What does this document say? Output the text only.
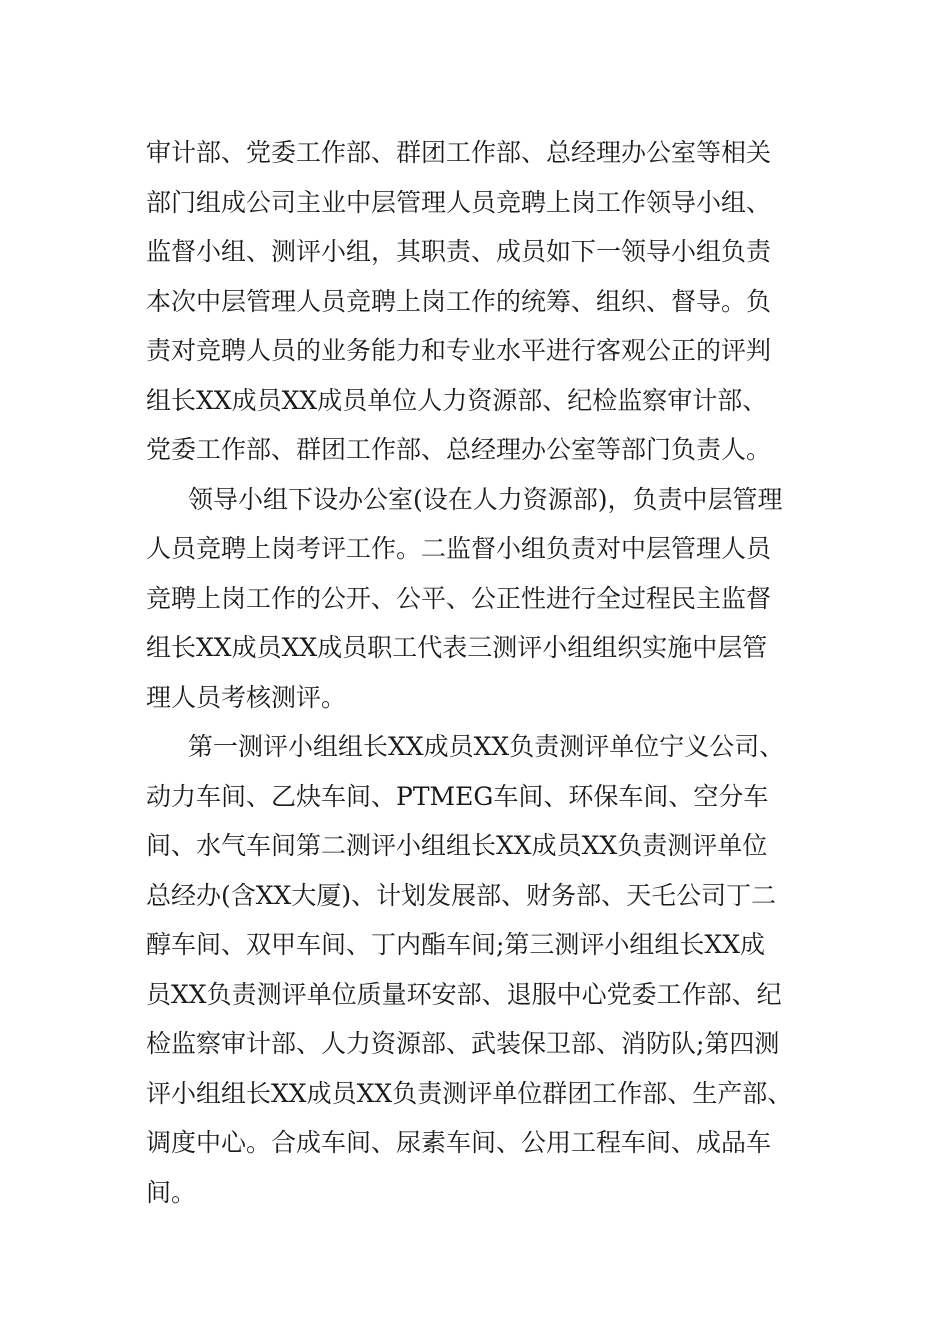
审计部、党委工作部、群团工作部、总经理办公室等相关
部门组成公司主业中层管理人员竞聘上岗工作领导小组、
监督小组、测评小组，其职责、成员如下一领导小组负责
本次中层管理人员竞聘上岗工作的统筹、组织、督导。负
责对竞聘人员的业务能力和专业水平进行客观公正的评判
组长XX成员XX成员单位人力资源部、纪检监察审计部、
党委工作部、群团工作部、总经理办公室等部门负责人。
领导小组下设办公室(设在人力资源部)，负责中层管理
人员竞聘上岗考评工作。二监督小组负责对中层管理人员
竞聘上岗工作的公开、公平、公正性进行全过程民主监督
组长XX成员XX成员职工代表三测评小组组织实施中层管
理人员考核测评。
第一测评小组组长XX成员XX负责测评单位宁义公司、
动力车间、乙炔车间、PTMEG车间、环保车间、空分车
间、水气车间第二测评小组组长XX成员XX负责测评单位
总经办(含XX大厦)、计划发展部、财务部、天乇公司丁二
醇车间、双甲车间、丁内酯车间;第三测评小组组长XX成
员XX负责测评单位质量环安部、退服中心党委工作部、纪
检监察审计部、人力资源部、武装保卫部、消防队;第四测
评小组组长XX成员XX负责测评单位群团工作部、生产部、
调度中心。合成车间、尿素车间、公用工程车间、成品车
间。
